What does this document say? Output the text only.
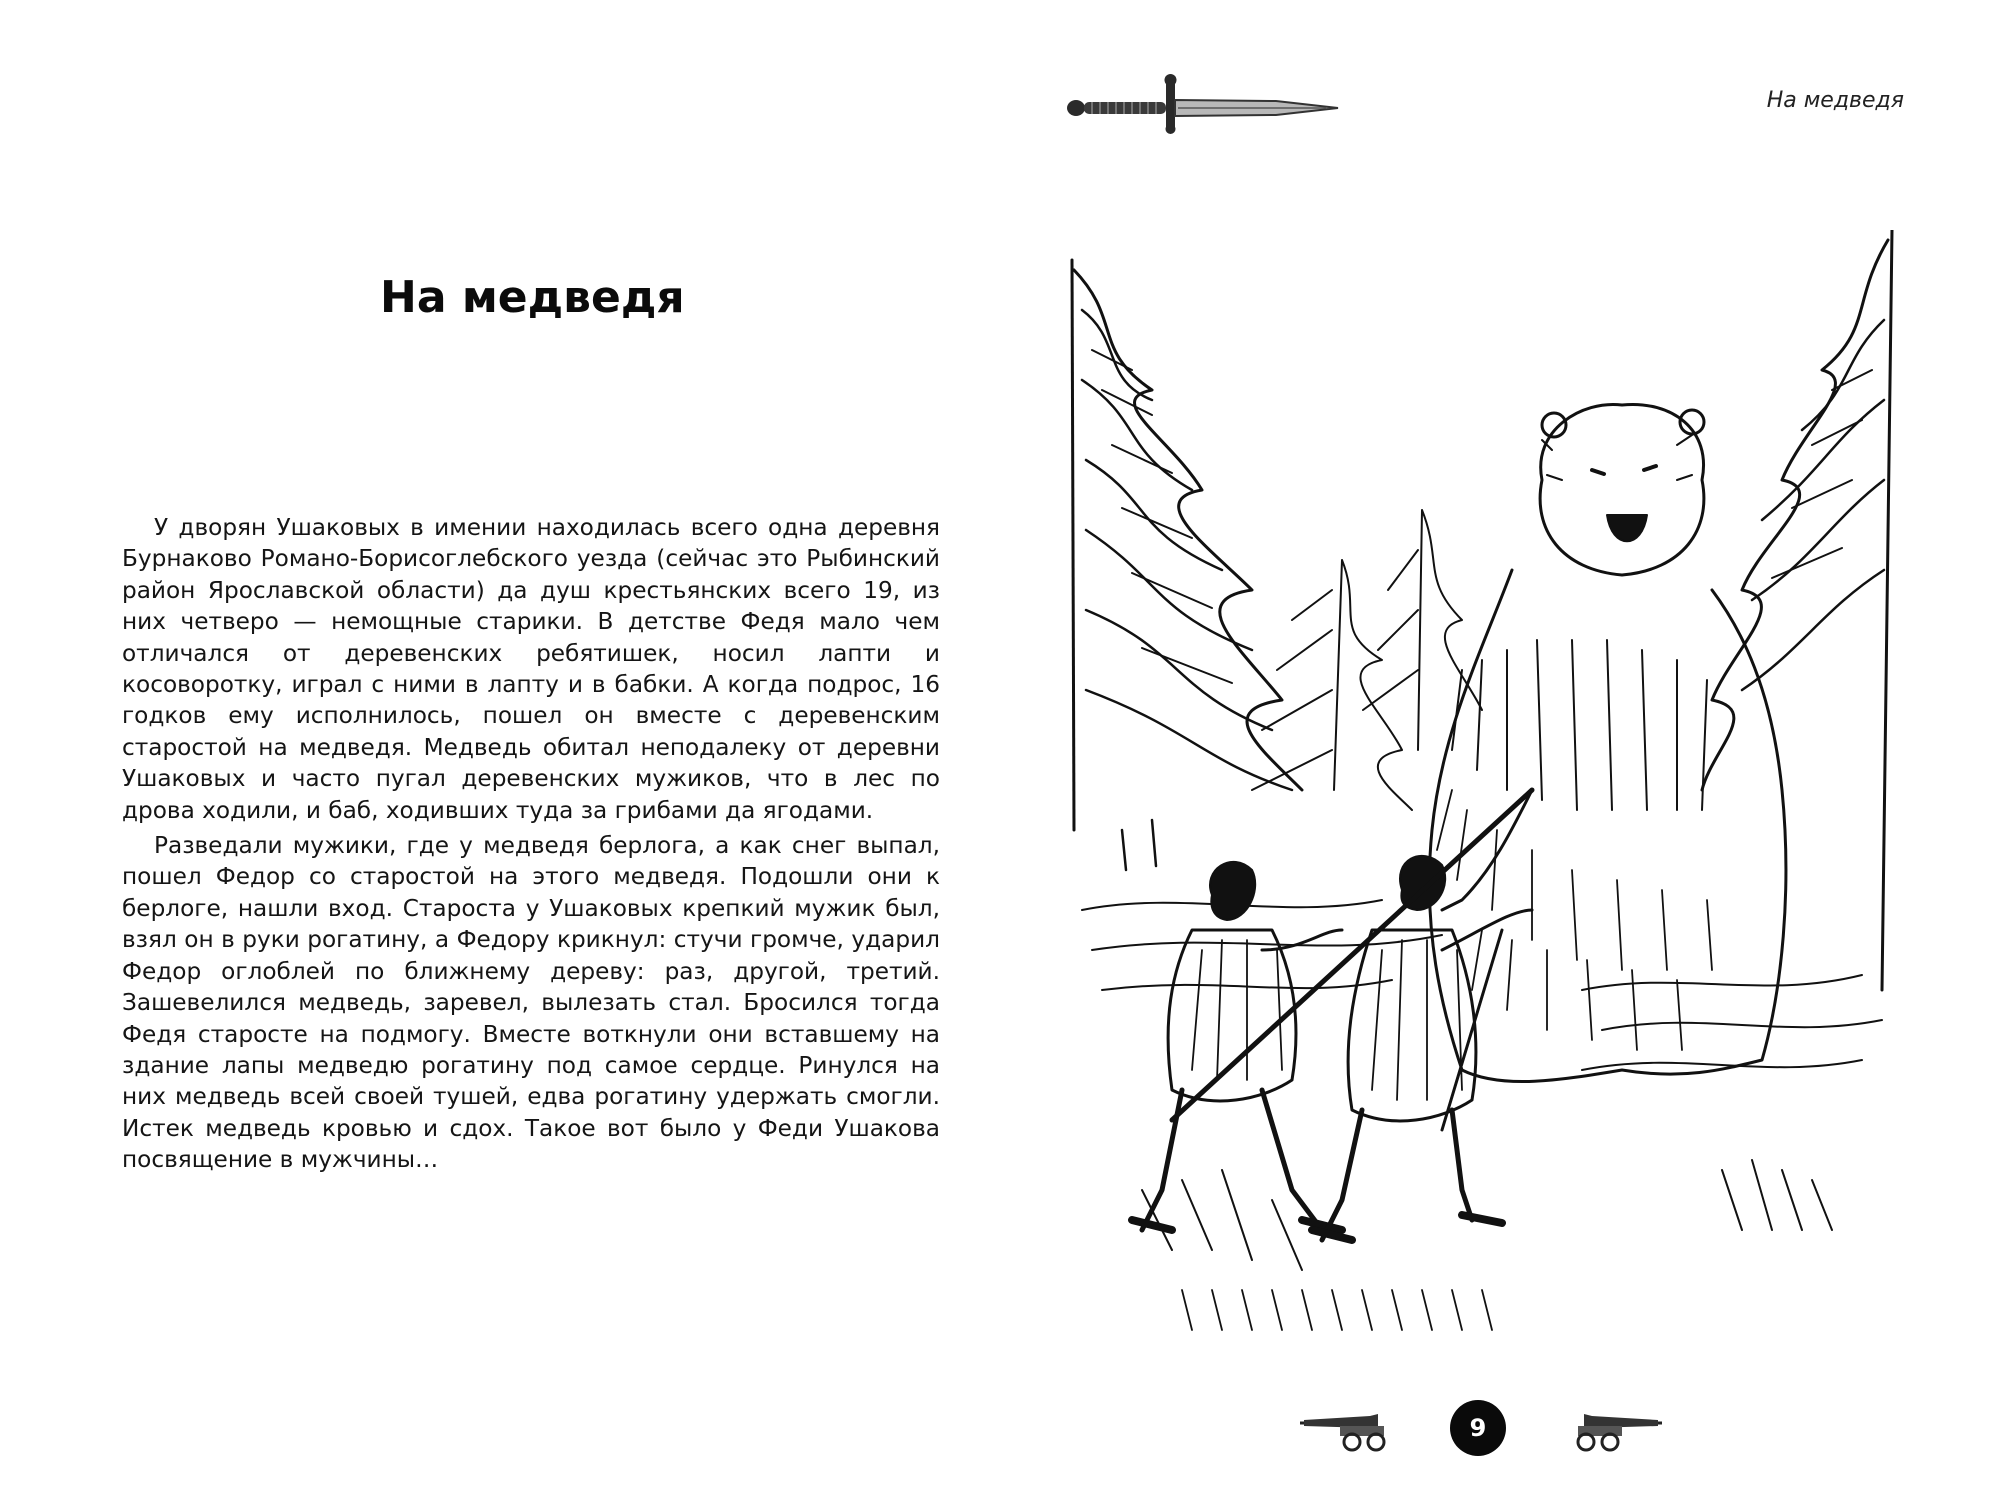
На медведя

У дворян Ушаковых в имении находилась всего одна деревня Бурнаково Романо-Борисоглебского уезда (сейчас это Рыбинский район Ярославской области) да душ крестьянских всего 19, из них четверо — немощные старики. В детстве Федя мало чем отличался от деревенских ребятишек, носил лапти и косоворотку, играл с ними в лапту и в бабки. А когда подрос, 16 годков ему исполнилось, пошел он вместе с деревенским старостой на медведя. Медведь обитал неподалеку от деревни Ушаковых и часто пугал деревенских мужиков, что в лес по дрова ходили, и баб, ходивших туда за грибами да ягодами.

Разведали мужики, где у медведя берлога, а как снег выпал, пошел Федор со старостой на этого медведя. Подошли они к берлоге, нашли вход. Староста у Ушаковых крепкий мужик был, взял он в руки рогатину, а Федору крикнул: стучи громче, ударил Федор оглоблей по ближнему дереву: раз, другой, третий. Зашевелился медведь, заревел, вылезать стал. Бросился тогда Федя старосте на подмогу. Вместе воткнули они вставшему на здание лапы медведю рогатину под самое сердце. Ринулся на них медведь всей своей тушей, едва рогатину удержать смогли. Истек медведь кровью и сдох. Такое вот было у Феди Ушакова посвящение в мужчины…

На медведя
9
